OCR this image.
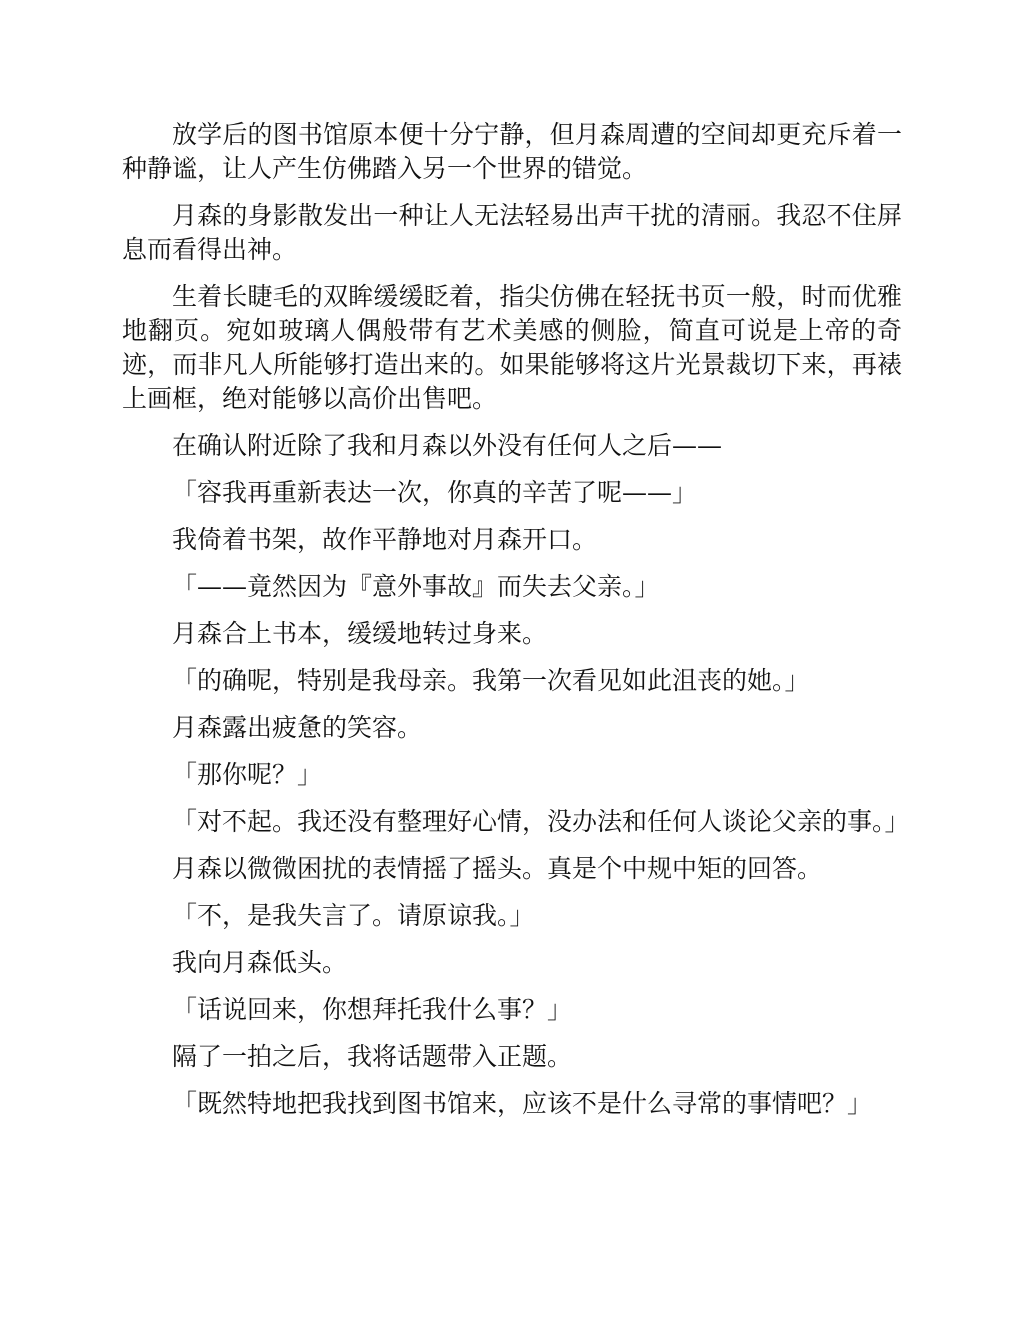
放学后的图书馆原本便十分宁静，但月森周遭的空间却更充斥着一种静谧，让人产生仿佛踏入另一个世界的错觉。

月森的身影散发出一种让人无法轻易出声干扰的清丽。我忍不住屏息而看得出神。

生着长睫毛的双眸缓缓眨着，指尖仿佛在轻抚书页一般，时而优雅地翻页。宛如玻璃人偶般带有艺术美感的侧脸，简直可说是上帝的奇迹，而非凡人所能够打造出来的。如果能够将这片光景裁切下来，再裱上画框，绝对能够以高价出售吧。

在确认附近除了我和月森以外没有任何人之后——

「容我再重新表达一次，你真的辛苦了呢——」

我倚着书架，故作平静地对月森开口。

「——竟然因为『意外事故』而失去父亲。」

月森合上书本，缓缓地转过身来。

「的确呢，特别是我母亲。我第一次看见如此沮丧的她。」

月森露出疲惫的笑容。

「那你呢？」

「对不起。我还没有整理好心情，没办法和任何人谈论父亲的事。」

月森以微微困扰的表情摇了摇头。真是个中规中矩的回答。

「不，是我失言了。请原谅我。」

我向月森低头。

「话说回来，你想拜托我什么事？」

隔了一拍之后，我将话题带入正题。

「既然特地把我找到图书馆来，应该不是什么寻常的事情吧？」
